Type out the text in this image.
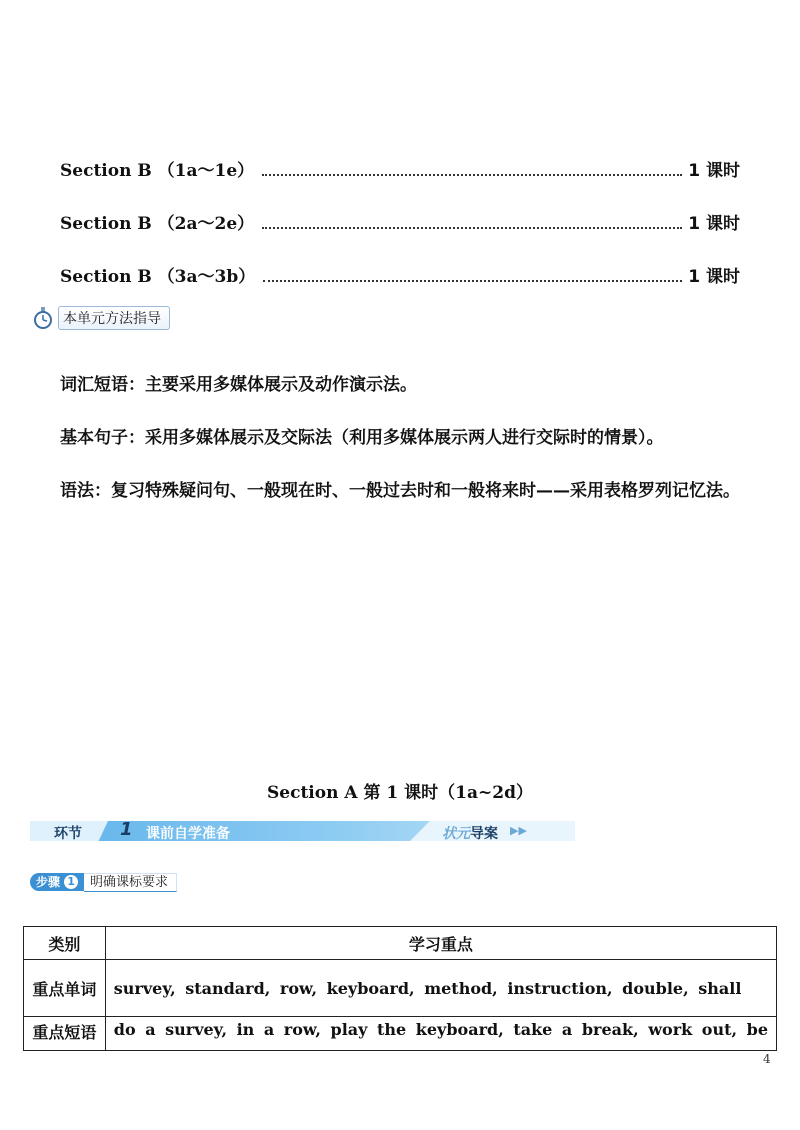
Section B （1a～1e）	1 课时
Section B （2a～2e）	1 课时
Section B （3a～3b）	1 课时
本单元方法指导
词汇短语：主要采用多媒体展示及动作演示法。
基本句子：采用多媒体展示及交际法（利用多媒体展示两人进行交际时的情景）。
语法：复习特殊疑问句、一般现在时、一般过去时和一般将来时——采用表格罗列记忆法。
Section A 第 1 课时（1a~2d）
环节 1 课前自学准备	状元 导案 ▶▶
步骤 1	明确课标要求
类别	学习重点
重点单词	survey, standard, row, keyboard, method, instruction, double, shall
重点短语	do a survey, in a row, play the keyboard, take a break, work out, be
4
